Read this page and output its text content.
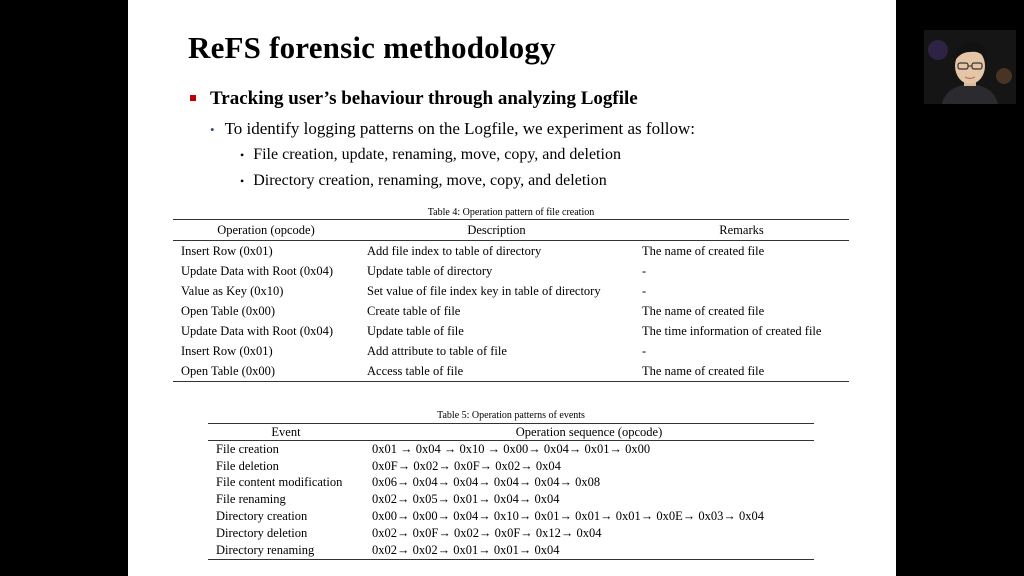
ReFS forensic methodology
Tracking user’s behaviour through analyzing Logfile
• To identify logging patterns on the Logfile, we experiment as follow:
• File creation, update, renaming, move, copy, and deletion
• Directory creation, renaming, move, copy, and deletion
Table 4: Operation pattern of file creation
Operation (opcode)	Description	Remarks
Insert Row (0x01)	Add file index to table of directory	The name of created file
Update Data with Root (0x04)	Update table of directory	-
Value as Key (0x10)	Set value of file index key in table of directory	-
Open Table (0x00)	Create table of file	The name of created file
Update Data with Root (0x04)	Update table of file	The time information of created file
Insert Row (0x01)	Add attribute to table of file	-
Open Table (0x00)	Access table of file	The name of created file
Table 5: Operation patterns of events
Event	Operation sequence (opcode)
File creation	0x01 → 0x04 → 0x10 → 0x00→ 0x04→ 0x01→ 0x00
File deletion	0x0F→ 0x02→ 0x0F→ 0x02→ 0x04
File content modification	0x06→ 0x04→ 0x04→ 0x04→ 0x04→ 0x08
File renaming	0x02→ 0x05→ 0x01→ 0x04→ 0x04
Directory creation	0x00→ 0x00→ 0x04→ 0x10→ 0x01→ 0x01→ 0x01→ 0x0E→ 0x03→ 0x04
Directory deletion	0x02→ 0x0F→ 0x02→ 0x0F→ 0x12→ 0x04
Directory renaming	0x02→ 0x02→ 0x01→ 0x01→ 0x04
